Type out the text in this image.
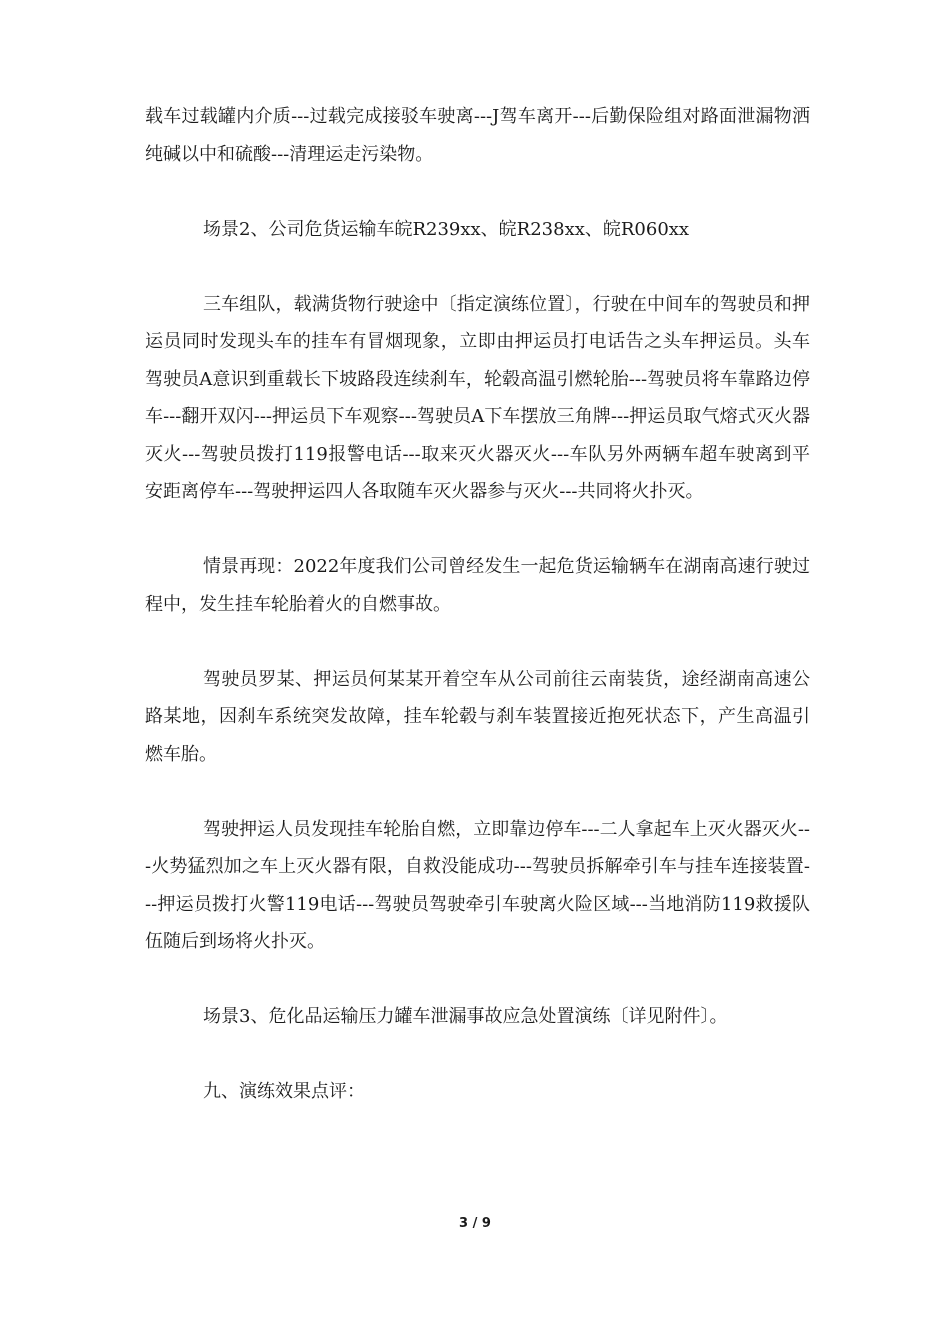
载车过载罐内介质---过载完成接驳车驶离---J驾车离开---后勤保险组对路面泄漏物洒纯碱以中和硫酸---清理运走污染物。

场景2、公司危货运输车皖R239xx、皖R238xx、皖R060xx

三车组队，载满货物行驶途中〔指定演练位置〕，行驶在中间车的驾驶员和押运员同时发现头车的挂车有冒烟现象，立即由押运员打电话告之头车押运员。头车驾驶员A意识到重载长下坡路段连续刹车，轮毂高温引燃轮胎---驾驶员将车靠路边停车---翻开双闪---押运员下车观察---驾驶员A下车摆放三角牌---押运员取气熔式灭火器灭火---驾驶员拨打119报警电话---取来灭火器灭火---车队另外两辆车超车驶离到平安距离停车---驾驶押运四人各取随车灭火器参与灭火---共同将火扑灭。

情景再现：2022年度我们公司曾经发生一起危货运输辆车在湖南高速行驶过程中，发生挂车轮胎着火的自燃事故。

驾驶员罗某、押运员何某某开着空车从公司前往云南装货，途经湖南高速公路某地，因刹车系统突发故障，挂车轮毂与刹车装置接近抱死状态下，产生高温引燃车胎。

驾驶押运人员发现挂车轮胎自燃，立即靠边停车---二人拿起车上灭火器灭火---火势猛烈加之车上灭火器有限，自救没能成功---驾驶员拆解牵引车与挂车连接装置---押运员拨打火警119电话---驾驶员驾驶牵引车驶离火险区域---当地消防119救援队伍随后到场将火扑灭。

场景3、危化品运输压力罐车泄漏事故应急处置演练〔详见附件〕。

九、演练效果点评：

3 / 9
